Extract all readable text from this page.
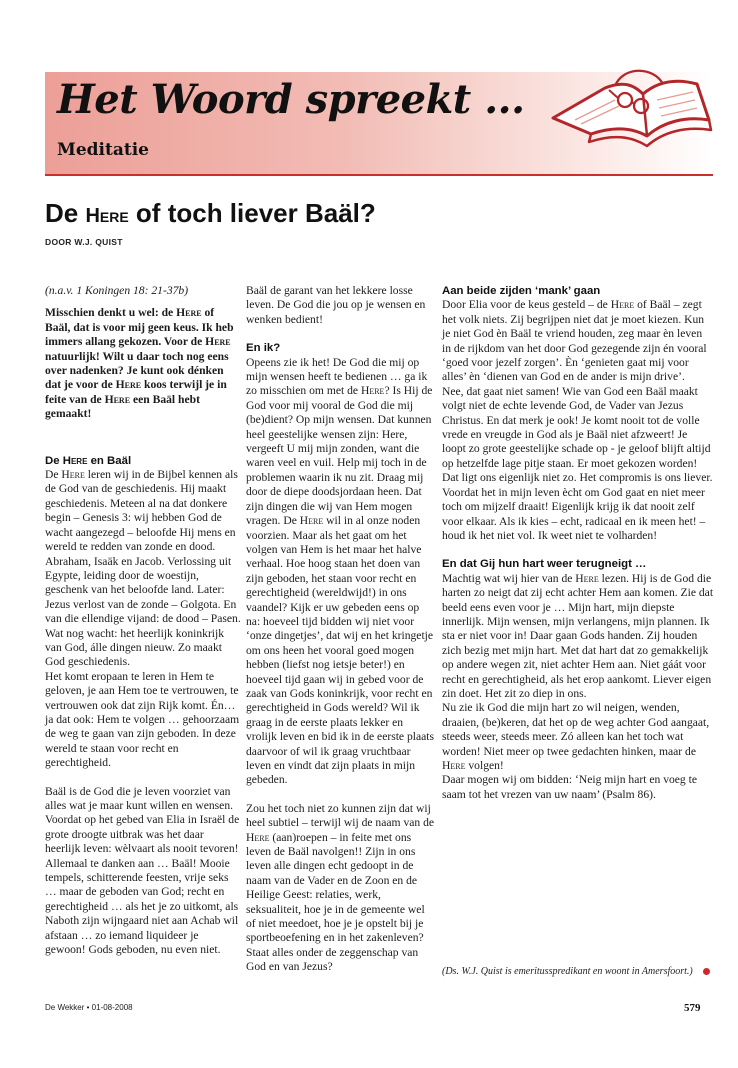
Het Woord spreekt ...
Meditatie
De Here of toch liever Baäl?
DOOR W.J. QUIST

(n.a.v. 1 Koningen 18: 21-37b)

Misschien denkt u wel: de Here of Baäl, dat is voor mij geen keus. Ik heb immers allang gekozen. Voor de Here natuurlijk! Wilt u daar toch nog eens over nadenken? Je kunt ook dénken dat je voor de Here koos terwijl je in feite van de Here een Baäl hebt gemaakt!

De Here en Baäl

De Here leren wij in de Bijbel kennen als de God van de geschiedenis. Hij maakt geschiedenis. Meteen al na dat donkere begin – Genesis 3: wij hebben God de wacht aangezegd – beloofde Hij mens en wereld te redden van zonde en dood. Abraham, Isaäk en Jacob. Verlossing uit Egypte, leiding door de woestijn, geschenk van het beloofde land. Later: Jezus verlost van de zonde – Golgota. En van die ellendige vijand: de dood – Pasen. Wat nog wacht: het heerlijk koninkrijk van God, álle dingen nieuw. Zo maakt God geschiedenis.

Het komt eropaan te leren in Hem te geloven, je aan Hem toe te vertrouwen, te vertrouwen ook dat zijn Rijk komt. Én…ja dat ook: Hem te volgen … gehoorzaam de weg te gaan van zijn geboden. In deze wereld te staan voor recht en gerechtigheid.

Baäl is de God die je leven voorziet van alles wat je maar kunt willen en wensen. Voordat op het gebed van Elia in Israël de grote droogte uitbrak was het daar heerlijk leven: wèlvaart als nooit tevoren! Allemaal te danken aan … Baäl! Mooie tempels, schitterende feesten, vrije seks … maar de geboden van God; recht en gerechtigheid … als het je zo uitkomt, als Naboth zijn wijngaard niet aan Achab wil afstaan … zo iemand liquideer je gewoon! Gods geboden, nu even niet.

Baäl de garant van het lekkere losse leven. De God die jou op je wensen en wenken bedient!

En ik?

Opeens zie ik het! De God die mij op mijn wensen heeft te bedienen … ga ik zo misschien om met de Here? Is Hij de God voor mij vooral de God die mij (be)dient? Op mijn wensen. Dat kunnen heel geestelijke wensen zijn: Here, vergeeft U mij mijn zonden, want die waren veel en vuil. Help mij toch in de problemen waarin ik nu zit. Draag mij door de diepe doodsjordaan heen. Dat zijn dingen die wij van Hem mogen vragen. De Here wil in al onze noden voorzien. Maar als het gaat om het volgen van Hem is het maar het halve verhaal. Hoe hoog staan het doen van zijn geboden, het staan voor recht en gerechtigheid (wereldwijd!) in ons vaandel? Kijk er uw gebeden eens op na: hoeveel tijd bidden wij niet voor ‘onze dingetjes’, dat wij en het kringetje om ons heen het vooral goed mogen hebben (liefst nog ietsje beter!) en hoeveel tijd gaan wij in gebed voor de zaak van Gods koninkrijk, voor recht en gerechtigheid in Gods wereld? Wil ik graag in de eerste plaats lekker en vrolijk leven en bid ik in de eerste plaats daarvoor of wil ik graag vruchtbaar leven en vindt dat zijn plaats in mijn gebeden.

Zou het toch niet zo kunnen zijn dat wij heel subtiel – terwijl wij de naam van de Here (aan)roepen – in feite met ons leven de Baäl navolgen!! Zijn in ons leven alle dingen echt gedoopt in de naam van de Vader en de Zoon en de Heilige Geest: relaties, werk, seksualiteit, hoe je in de gemeente wel of niet meedoet, hoe je je opstelt bij je sportbeoefening en in het zakenleven? Staat alles onder de zeggenschap van God en van Jezus?

Aan beide zijden ‘mank’ gaan

Door Elia voor de keus gesteld – de Here of Baäl – zegt het volk niets. Zij begrijpen niet dat je moet kiezen. Kun je niet God èn Baäl te vriend houden, zeg maar èn leven in de rijkdom van het door God gezegende zijn én vooral ‘goed voor jezelf zorgen’. Èn ‘genieten gaat mij voor alles’ èn ‘dienen van God en de ander is mijn drive’.

Nee, dat gaat niet samen! Wie van God een Baäl maakt volgt niet de echte levende God, de Vader van Jezus Christus. En dat merk je ook! Je komt nooit tot de volle vrede en vreugde in God als je Baäl niet afzweert! Je loopt zo grote geestelijke schade op - je geloof blijft altijd op hetzelfde lage pitje staan. Er moet gekozen worden!

Dat ligt ons eigenlijk niet zo. Het compromis is ons liever. Voordat het in mijn leven ècht om God gaat en niet meer toch om mijzelf draait! Eigenlijk krijg ik dat nooit zelf voor elkaar. Als ik kies – echt, radicaal en ik meen het! – houd ik het niet vol. Ik weet niet te volharden!

En dat Gij hun hart weer terugneigt …

Machtig wat wij hier van de Here lezen. Hij is de God die harten zo neigt dat zij echt achter Hem aan komen. Zie dat beeld eens even voor je … Mijn hart, mijn diepste innerlijk. Mijn wensen, mijn verlangens, mijn plannen. Ik sta er niet voor in! Daar gaan Gods handen. Zij houden zich bezig met mijn hart. Met dat hart dat zo gemakkelijk op andere wegen zit, niet achter Hem aan. Niet gáát voor recht en gerechtigheid, als het erop aankomt. Liever eigen zin doet. Het zit zo diep in ons.

Nu zie ik God die mijn hart zo wil neigen, wenden, draaien, (be)keren, dat het op de weg achter God aangaat, steeds weer, steeds meer. Zó alleen kan het toch wat worden! Niet meer op twee gedachten hinken, maar de Here volgen!

Daar mogen wij om bidden: ‘Neig mijn hart en voeg te saam tot het vrezen van uw naam’ (Psalm 86).

(Ds. W.J. Quist is emeritusspredikant en woont in Amersfoort.)
De Wekker • 01-08-2008	579
